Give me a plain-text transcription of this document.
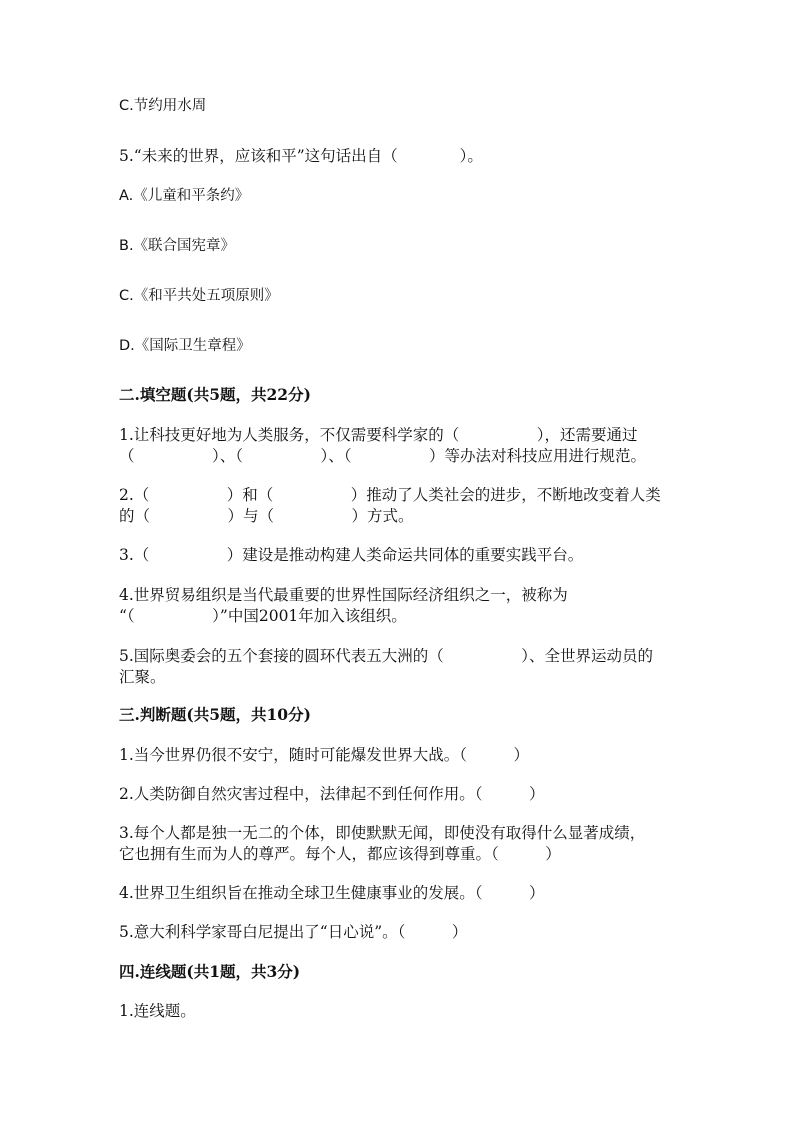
C.节约用水周
5.“未来的世界，应该和平”这句话出自（　　　　）。
A.《儿童和平条约》
B.《联合国宪章》
C.《和平共处五项原则》
D.《国际卫生章程》
二.填空题(共5题，共22分)
1.让科技更好地为人类服务，不仅需要科学家的（　　　　　），还需要通过
（　　　　　）、（　　　　　）、（　　　　　）等办法对科技应用进行规范。
2.（　　　　　）和（　　　　　）推动了人类社会的进步，不断地改变着人类
的（　　　　　）与（　　　　　）方式。
3.（　　　　　）建设是推动构建人类命运共同体的重要实践平台。
4.世界贸易组织是当代最重要的世界性国际经济组织之一，被称为
“（　　　　　）”中国2001年加入该组织。
5.国际奥委会的五个套接的圆环代表五大洲的（　　　　　）、全世界运动员的
汇聚。
三.判断题(共5题，共10分)
1.当今世界仍很不安宁，随时可能爆发世界大战。（　　　）
2.人类防御自然灾害过程中，法律起不到任何作用。（　　　）
3.每个人都是独一无二的个体，即使默默无闻，即使没有取得什么显著成绩，
它也拥有生而为人的尊严。每个人，都应该得到尊重。（　　　）
4.世界卫生组织旨在推动全球卫生健康事业的发展。（　　　）
5.意大利科学家哥白尼提出了“日心说”。（　　　）
四.连线题(共1题，共3分)
1.连线题。
